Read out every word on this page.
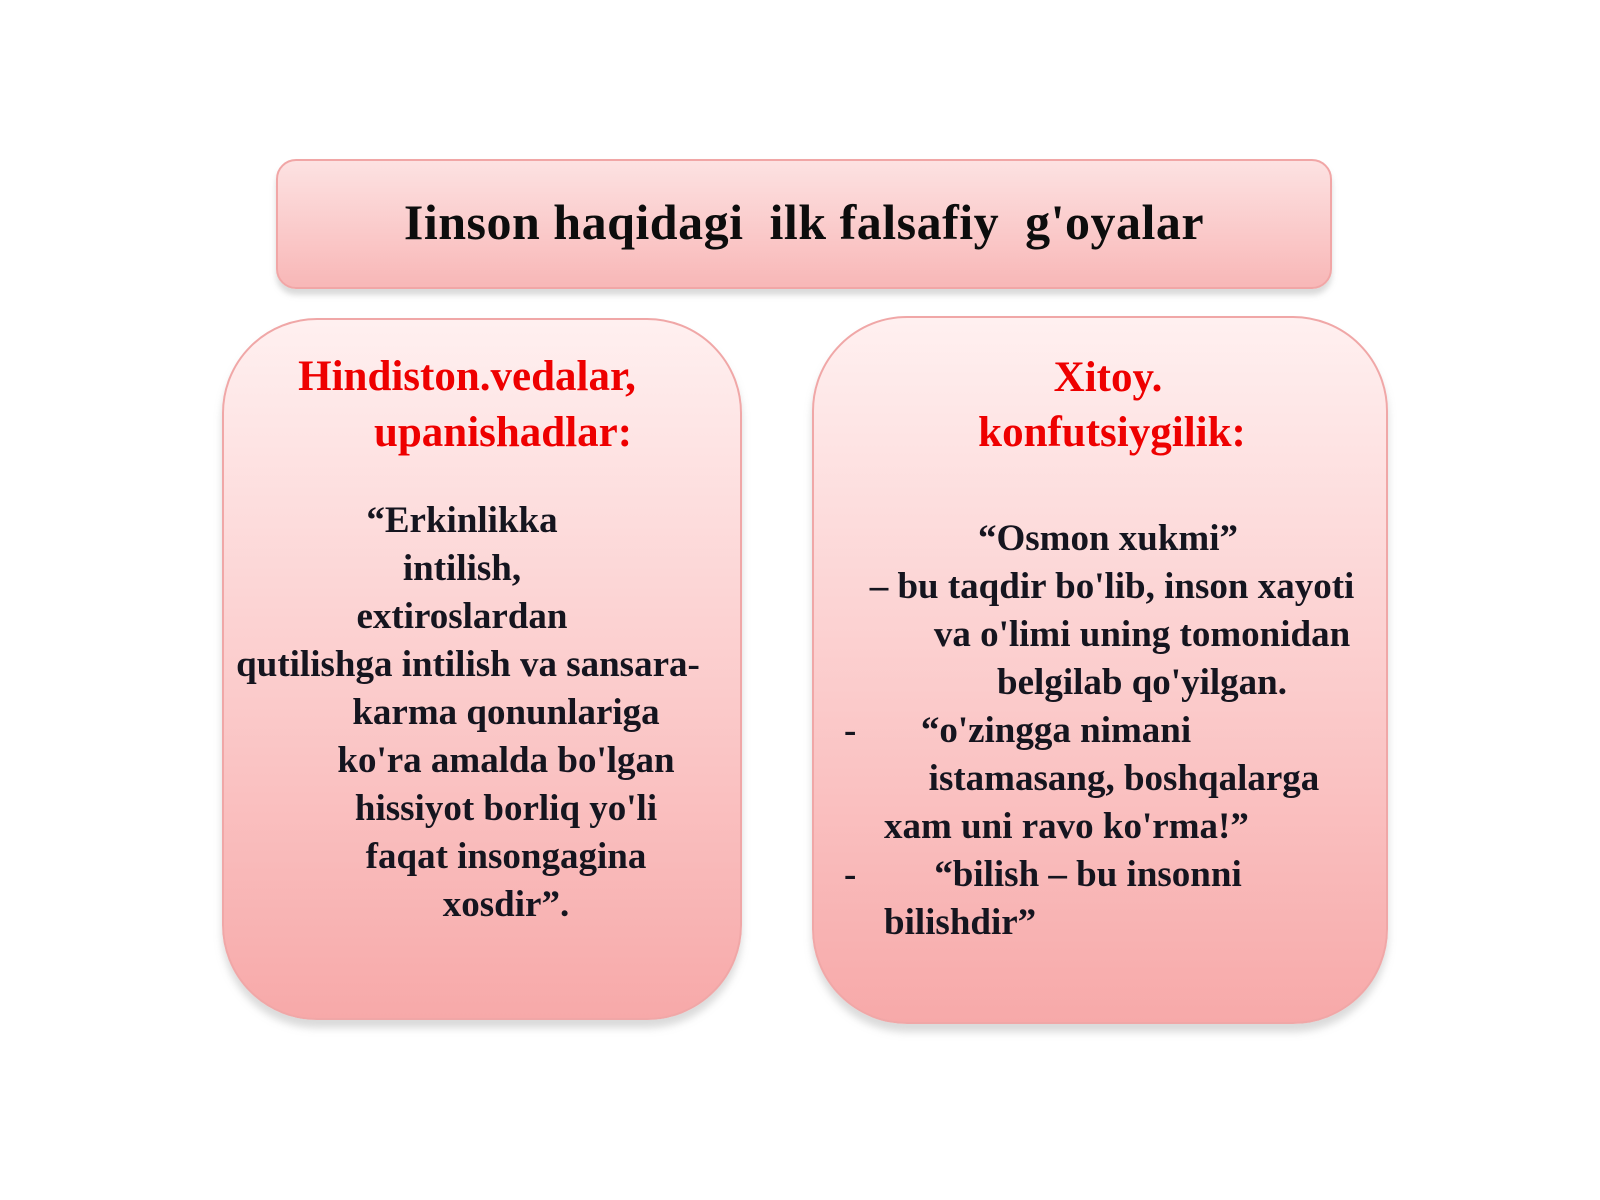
Iinson haqidagi  ilk falsafiy  g'oyalar
Hindiston.vedalar,
upanishadlar:
“Erkinlikka
intilish,
extiroslardan
qutilishga intilish va sansara-
karma qonunlariga
ko'ra amalda bo'lgan
hissiyot borliq yo'li
faqat insongagina
xosdir”.
Xitoy.
konfutsiygilik:
“Osmon xukmi”
– bu taqdir bo'lib, inson xayoti
va o'limi uning tomonidan
belgilab qo'yilgan.
- “o'zingga nimani
istamasang, boshqalarga
xam uni ravo ko'rma!”
- “bilish – bu insonni
bilishdir”
